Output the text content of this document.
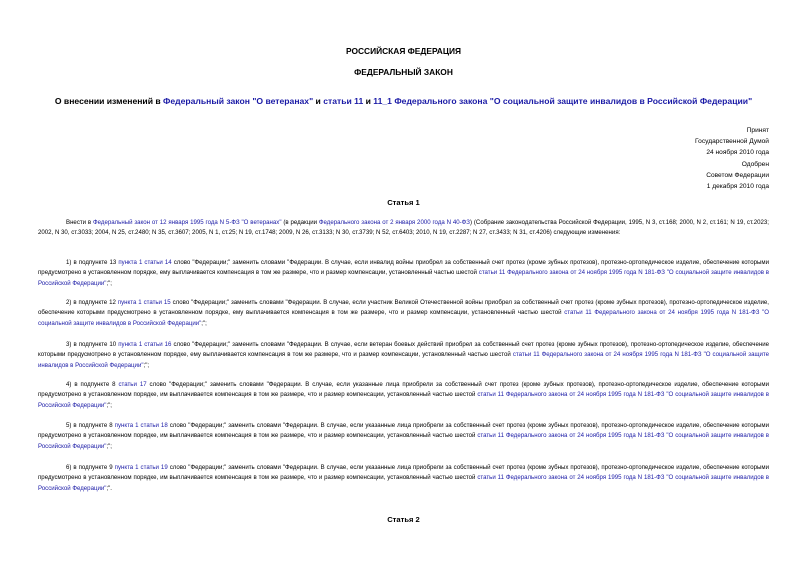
РОССИЙСКАЯ ФЕДЕРАЦИЯ
ФЕДЕРАЛЬНЫЙ ЗАКОН
О внесении изменений в Федеральный закон "О ветеранах" и статьи 11 и 11_1 Федерального закона "О социальной защите инвалидов в Российской Федерации"
Принят
Государственной Думой
24 ноября 2010 года
Одобрен
Советом Федерации
1 декабря 2010 года
Статья 1
Внести в Федеральный закон от 12 января 1995 года N 5-ФЗ "О ветеранах" (в редакции Федерального закона от 2 января 2000 года N 40-ФЗ) (Собрание законодательства Российской Федерации, 1995, N 3, ст.168; 2000, N 2, ст.161; N 19, ст.2023; 2002, N 30, ст.3033; 2004, N 25, ст.2480; N 35, ст.3607; 2005, N 1, ст.25; N 19, ст.1748; 2009, N 26, ст.3133; N 30, ст.3739; N 52, ст.6403; 2010, N 19, ст.2287; N 27, ст.3433; N 31, ст.4206) следующие изменения:
1) в подпункте 13 пункта 1 статьи 14 слово "Федерации;" заменить словами "Федерации. В случае, если инвалид войны приобрел за собственный счет протез (кроме зубных протезов), протезно-ортопедическое изделие, обеспечение которыми предусмотрено в установленном порядке, ему выплачивается компенсация в том же размере, что и размер компенсации, установленный частью шестой статьи 11 Федерального закона от 24 ноября 1995 года N 181-ФЗ "О социальной защите инвалидов в Российской Федерации";";
2) в подпункте 12 пункта 1 статьи 15 слово "Федерации;" заменить словами "Федерации. В случае, если участник Великой Отечественной войны приобрел за собственный счет протез (кроме зубных протезов), протезно-ортопедическое изделие, обеспечение которыми предусмотрено в установленном порядке, ему выплачивается компенсация в том же размере, что и размер компенсации, установленный частью шестой статьи 11 Федерального закона от 24 ноября 1995 года N 181-ФЗ "О социальной защите инвалидов в Российской Федерации";";
3) в подпункте 10 пункта 1 статьи 16 слово "Федерации;" заменить словами "Федерации. В случае, если ветеран боевых действий приобрел за собственный счет протез (кроме зубных протезов), протезно-ортопедическое изделие, обеспечение которыми предусмотрено в установленном порядке, ему выплачивается компенсация в том же размере, что и размер компенсации, установленный частью шестой статьи 11 Федерального закона от 24 ноября 1995 года N 181-ФЗ "О социальной защите инвалидов в Российской Федерации";";
4) в подпункте 8 статьи 17 слово "Федерации;" заменить словами "Федерации. В случае, если указанные лица приобрели за собственный счет протез (кроме зубных протезов), протезно-ортопедическое изделие, обеспечение которыми предусмотрено в установленном порядке, им выплачивается компенсация в том же размере, что и размер компенсации, установленный частью шестой статьи 11 Федерального закона от 24 ноября 1995 года N 181-ФЗ "О социальной защите инвалидов в Российской Федерации";";
5) в подпункте 8 пункта 1 статьи 18 слово "Федерации;" заменить словами "Федерации. В случае, если указанные лица приобрели за собственный счет протез (кроме зубных протезов), протезно-ортопедическое изделие, обеспечение которыми предусмотрено в установленном порядке, им выплачивается компенсация в том же размере, что и размер компенсации, установленный частью шестой статьи 11 Федерального закона от 24 ноября 1995 года N 181-ФЗ "О социальной защите инвалидов в Российской Федерации";";
6) в подпункте 9 пункта 1 статьи 19 слово "Федерации;" заменить словами "Федерации. В случае, если указанные лица приобрели за собственный счет протез (кроме зубных протезов), протезно-ортопедическое изделие, обеспечение которыми предусмотрено в установленном порядке, им выплачивается компенсация в том же размере, что и размер компенсации, установленный частью шестой статьи 11 Федерального закона от 24 ноября 1995 года N 181-ФЗ "О социальной защите инвалидов в Российской Федерации";".
Статья 2
